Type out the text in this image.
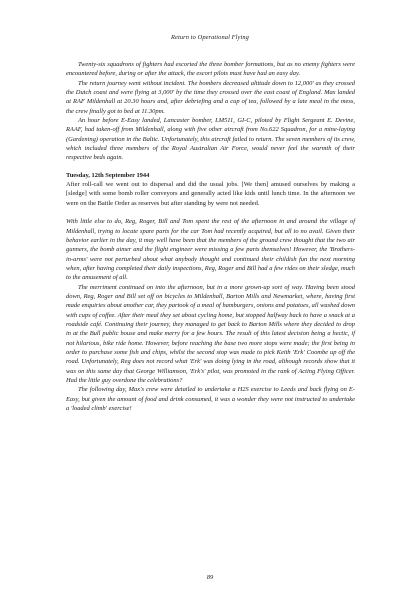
Return to Operational Flying

Twenty-six squadrons of fighters had escorted the three bomber formations, but as no enemy fighters were encountered before, during or after the attack, the escort pilots must have had an easy day.

The return journey went without incident. The bombers decreased altitude down to 12,000' as they crossed the Dutch coast and were flying at 3,000' by the time they crossed over the east coast of England. Max landed at RAF Mildenhall at 20.30 hours and, after debriefing and a cup of tea, followed by a late meal in the mess, the crew finally got to bed at 11.30pm.

An hour before E-Easy landed, Lancaster bomber, LM511, GI-C, piloted by Flight Sergeant E. Devine, RAAF, had taken-off from Mildenhall, along with five other aircraft from No.622 Squadron, for a mine-laying (Gardening) operation in the Baltic. Unfortunately, this aircraft failed to return. The seven members of its crew, which included three members of the Royal Australian Air Force, would never feel the warmth of their respective beds again.

Tuesday, 12th September 1944

After roll-call we went out to dispersal and did the usual jobs. [We then] amused ourselves by making a [sledge] with some bomb roller conveyors and generally acted like kids until lunch time. In the afternoon we were on the Battle Order as reserves but after standing by were not needed.

With little else to do, Reg, Roger, Bill and Tom spent the rest of the afternoon in and around the village of Mildenhall, trying to locate spare parts for the car Tom had recently acquired, but all to no avail. Given their behavior earlier in the day, it may well have been that the members of the ground crew thought that the two air gunners, the bomb aimer and the flight engineer were missing a few parts themselves! However, the 'Brothers-in-arms' were not perturbed about what anybody thought and continued their childish fun the next morning when, after having completed their daily inspections, Reg, Roger and Bill had a few rides on their sledge, much to the amusement of all.

The merriment continued on into the afternoon, but in a more grown-up sort of way. Having been stood down, Reg, Roger and Bill set off on bicycles to Mildenhall, Barton Mills and Newmarket, where, having first made enquiries about another car, they partook of a meal of hamburgers, onions and potatoes, all washed down with cups of coffee. After their meal they set about cycling home, but stopped halfway back to have a snack at a roadside café. Continuing their journey, they managed to get back to Barton Mills where they decided to drop in at the Bull public house and make merry for a few hours. The result of this latest decision being a hectic, if not hilarious, bike ride home. However, before reaching the base two more stops were made; the first being in order to purchase some fish and chips, whilst the second stop was made to pick Keith 'Erk' Coombe up off the road. Unfortunately, Reg does not record what 'Erk' was doing lying in the road, although records show that it was on this same day that George Williamson, 'Erk's' pilot, was promoted in the rank of Acting Flying Officer. Had the little guy overdone the celebrations?

The following day, Max's crew were detailed to undertake a H2S exercise to Leeds and back flying on E-Easy, but given the amount of food and drink consumed, it was a wonder they were not instructed to undertake a 'loaded climb' exercise!

89
